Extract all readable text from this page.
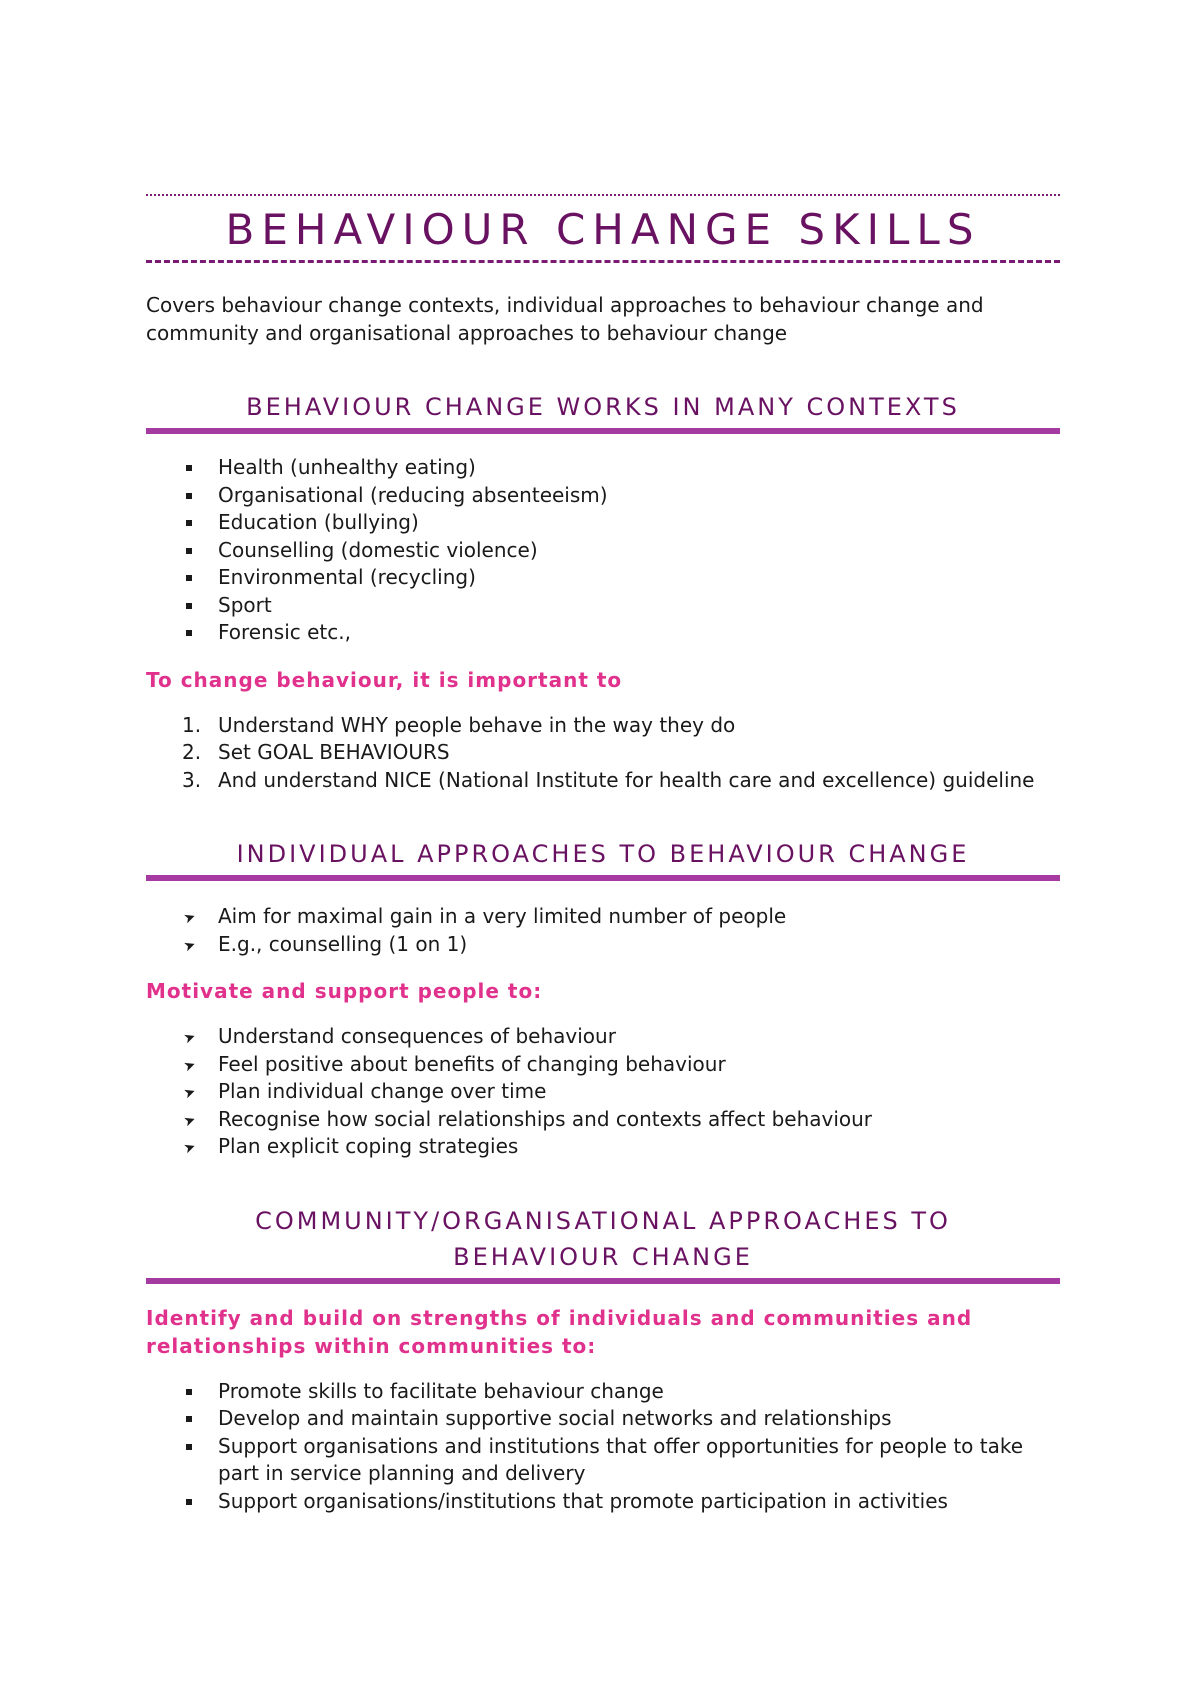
BEHAVIOUR CHANGE SKILLS
Covers behaviour change contexts, individual approaches to behaviour change and community and organisational approaches to behaviour change
BEHAVIOUR CHANGE WORKS IN MANY CONTEXTS
Health (unhealthy eating)
Organisational (reducing absenteeism)
Education (bullying)
Counselling (domestic violence)
Environmental (recycling)
Sport
Forensic etc.,
To change behaviour, it is important to
1. Understand WHY people behave in the way they do
2. Set GOAL BEHAVIOURS
3. And understand NICE (National Institute for health care and excellence) guideline
INDIVIDUAL APPROACHES TO BEHAVIOUR CHANGE
➤ Aim for maximal gain in a very limited number of people
➤ E.g., counselling (1 on 1)
Motivate and support people to:
➤ Understand consequences of behaviour
➤ Feel positive about benefits of changing behaviour
➤ Plan individual change over time
➤ Recognise how social relationships and contexts affect behaviour
➤ Plan explicit coping strategies
COMMUNITY/ORGANISATIONAL APPROACHES TO
BEHAVIOUR CHANGE
Identify and build on strengths of individuals and communities and relationships within communities to:
Promote skills to facilitate behaviour change
Develop and maintain supportive social networks and relationships
Support organisations and institutions that offer opportunities for people to take part in service planning and delivery
Support organisations/institutions that promote participation in activities
